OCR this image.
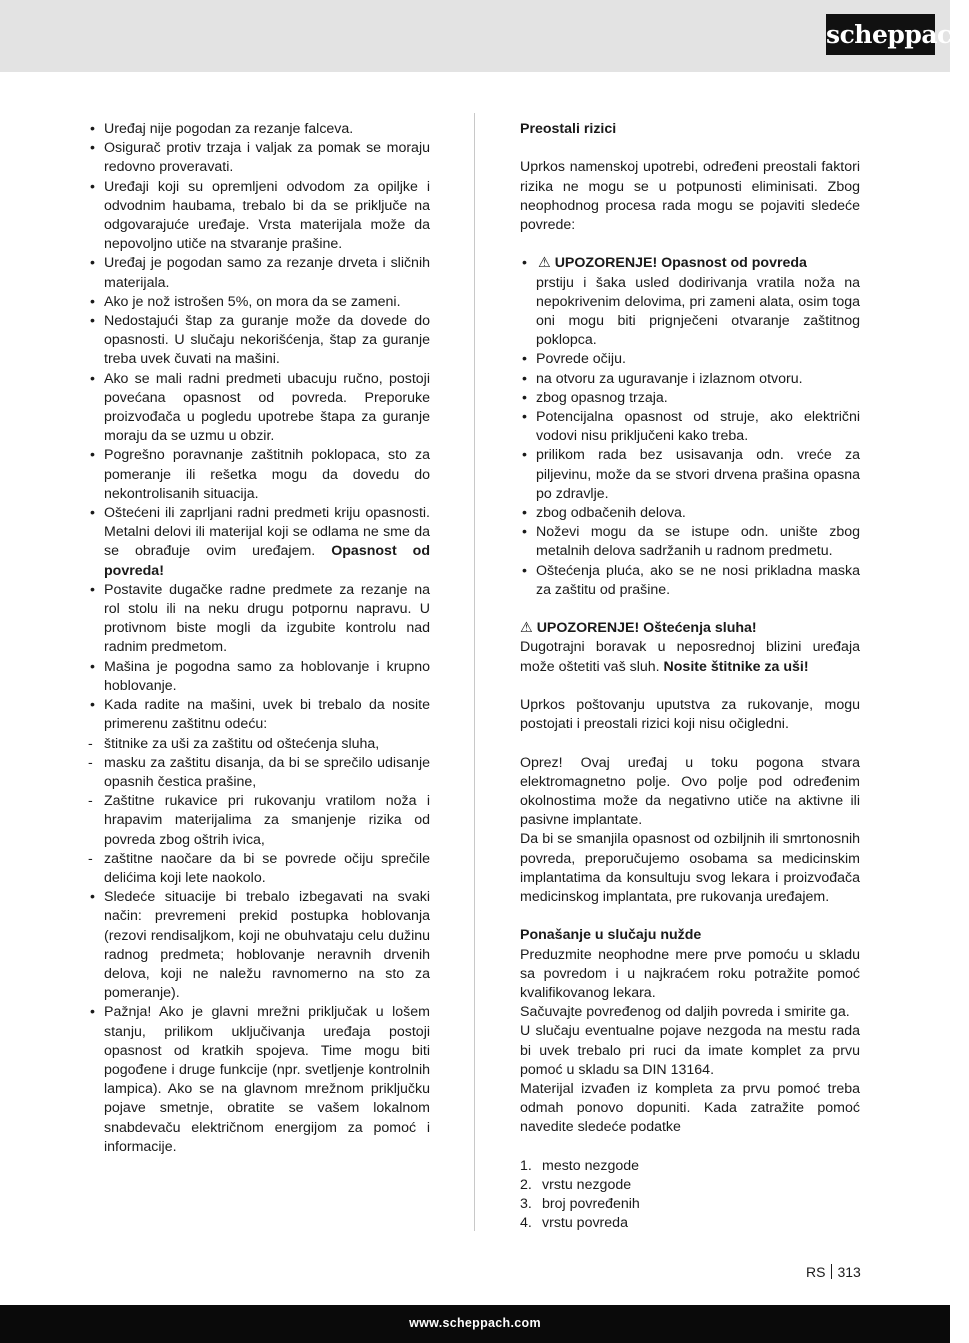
scheppach
• Uređaj nije pogodan za rezanje falceva.
• Osigurač protiv trzaja i valjak za pomak se moraju redovno proveravati.
• Uređaji koji su opremljeni odvodom za opiljke i odvodnim haubama, trebalo bi da se priključe na odgovarajuće uređaje. Vrsta materijala može da nepovoljno utiče na stvaranje prašine.
• Uređaj je pogodan samo za rezanje drveta i sličnih materijala.
• Ako je nož istrošen 5%, on mora da se zameni.
• Nedostajući štap za guranje može da dovede do opasnosti. U slučaju nekorišćenja, štap za guranje treba uvek čuvati na mašini.
• Ako se mali radni predmeti ubacuju ručno, postoji povećana opasnost od povreda. Preporuke proizvođača u pogledu upotrebe štapa za guranje moraju da se uzmu u obzir.
• Pogrešno poravnanje zaštitnih poklopaca, sto za pomeranje ili rešetka mogu da dovedu do nekontrolisanih situacija.
• Oštećeni ili zaprljani radni predmeti kriju opasnosti. Metalni delovi ili materijal koji se odlama ne sme da se obrađuje ovim uređajem. Opasnost od povreda!
• Postavite dugačke radne predmete za rezanje na rol stolu ili na neku drugu potpornu napravu. U protivnom biste mogli da izgubite kontrolu nad radnim predmetom.
• Mašina je pogodna samo za hoblovanje i krupno hoblovanje.
• Kada radite na mašini, uvek bi trebalo da nosite primerenu zaštitnu odeću:
- štitnike za uši za zaštitu od oštećenja sluha,
- masku za zaštitu disanja, da bi se sprečilo udisanje opasnih čestica prašine,
- Zaštitne rukavice pri rukovanju vratilom noža i hrapavim materijalima za smanjenje rizika od povreda zbog oštrih ivica,
- zaštitne naočare da bi se povrede očiju sprečile delićima koji lete naokolo.
• Sledeće situacije bi trebalo izbegavati na svaki način: prevremeni prekid postupka hoblovanja (rezovi rendisaljkom, koji ne obuhvataju celu dužinu radnog predmeta; hoblovanje neravnih drvenih delova, koji ne naležu ravnomerno na sto za pomeranje).
• Pažnja! Ako je glavni mrežni priključak u lošem stanju, prilikom uključivanja uređaja postoji opasnost od kratkih spojeva. Time mogu biti pogođene i druge funkcije (npr. svetljenje kontrolnih lampica). Ako se na glavnom mrežnom priključku pojave smetnje, obratite se vašem lokalnom snabdevaču električnom energijom za pomoć i informacije.

Preostali rizici

Uprkos namenskoj upotrebi, određeni preostali faktori rizika ne mogu se u potpunosti eliminisati. Zbog neophodnog procesa rada mogu se pojaviti sledeće povrede:

• ⚠ UPOZORENJE! Opasnost od povreda
prstiju i šaka usled dodirivanja vratila noža na nepokrivenim delovima, pri zameni alata, osim toga oni mogu biti prignječeni otvaranje zaštitnog poklopca.
• Povrede očiju.
• na otvoru za uguravanje i izlaznom otvoru.
• zbog opasnog trzaja.
• Potencijalna opasnost od struje, ako električni vodovi nisu priključeni kako treba.
• prilikom rada bez usisavanja odn. vreće za piljevinu, može da se stvori drvena prašina opasna po zdravlje.
• zbog odbačenih delova.
• Noževi mogu da se istupe odn. unište zbog metalnih delova sadržanih u radnom predmetu.
• Oštećenja pluća, ako se ne nosi prikladna maska za zaštitu od prašine.

⚠ UPOZORENJE! Oštećenja sluha!

Dugotrajni boravak u neposrednoj blizini uređaja može oštetiti vaš sluh. Nosite štitnike za uši!

Uprkos poštovanju uputstva za rukovanje, mogu postojati i preostali rizici koji nisu očigledni.

Oprez! Ovaj uređaj u toku pogona stvara elektromagnetno polje. Ovo polje pod određenim okolnostima može da negativno utiče na aktivne ili pasivne implantate.

Da bi se smanjila opasnost od ozbiljnih ili smrtonosnih povreda, preporučujemo osobama sa medicinskim implantatima da konsultuju svog lekara i proizvođača medicinskog implantata, pre rukovanja uređajem.

Ponašanje u slučaju nužde

Preduzmite neophodne mere prve pomoću u skladu sa povredom i u najkraćem roku potražite pomoć kvalifikovanog lekara.

Sačuvajte povređenog od daljih povreda i smirite ga.

U slučaju eventualne pojave nezgoda na mestu rada bi uvek trebalo pri ruci da imate komplet za prvu pomoć u skladu sa DIN 13164.

Materijal izvađen iz kompleta za prvu pomoć treba odmah ponovo dopuniti. Kada zatražite pomoć navedite sledeće podatke

1. mesto nezgode
2. vrstu nezgode
3. broj povređenih
4. vrstu povreda
RS 313
www.scheppach.com
